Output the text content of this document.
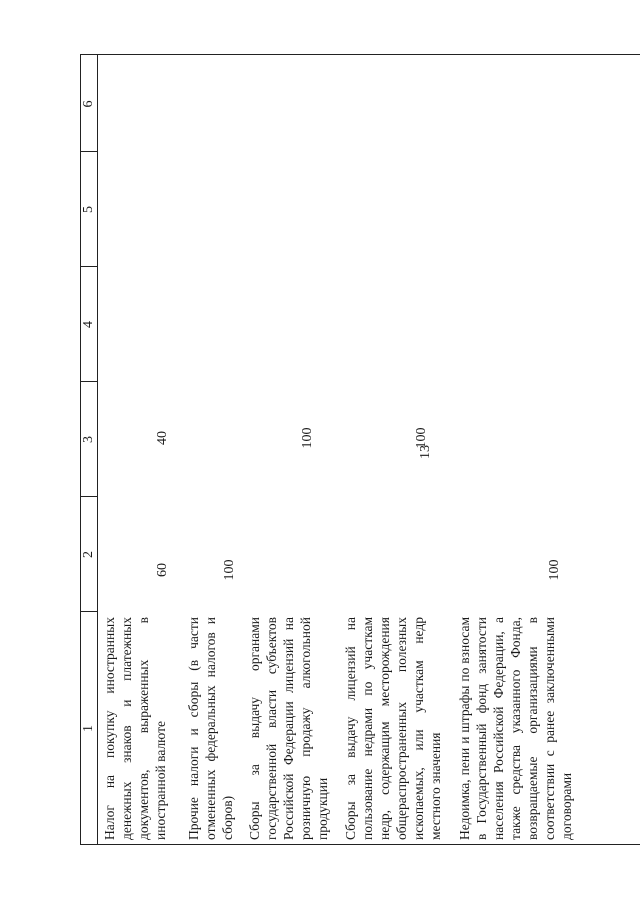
13
1
2
3
4
5
6
Налог на покупку иностранных денежных знаков и платежных документов, выраженных в иностранной валюте
60
40
Прочие налоги и сборы (в части отмененных федеральных налогов и сборов)
100
Сборы за выдачу органами государственной власти субъектов Российской Федерации лицензий на розничную продажу алкогольной продукции
100
Сборы за выдачу лицензий на пользование недрами по участкам недр, содержащим месторождения общераспространенных полезных ископаемых, или участкам недр местного значения
100
Недоимка, пени и штрафы по взносам в Государственный фонд занятости населения Российской Федерации, а также средства указанного Фонда, возвращаемые организациями в соответствии с ранее заключенными договорами
100
